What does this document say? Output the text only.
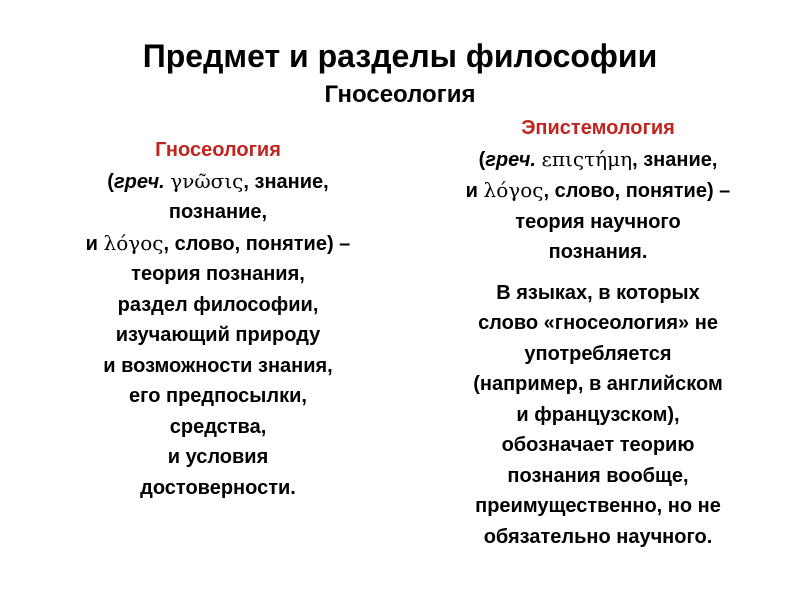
Предмет и разделы философии
Гносеология
Гносеология
(греч. γνῶσις, знание,
познание,
и λόγος, слово, понятие) –
теория познания,
раздел философии,
изучающий природу
и возможности знания,
его предпосылки,
средства,
и условия
достоверности.
Эпистемология
(греч. επιςτήμη, знание,
и λόγος, слово, понятие) –
теория научного
познания.
В языках, в которых
слово «гносеология» не
употребляется
(например, в английском
и французском),
обозначает теорию
познания вообще,
преимущественно, но не
обязательно научного.
